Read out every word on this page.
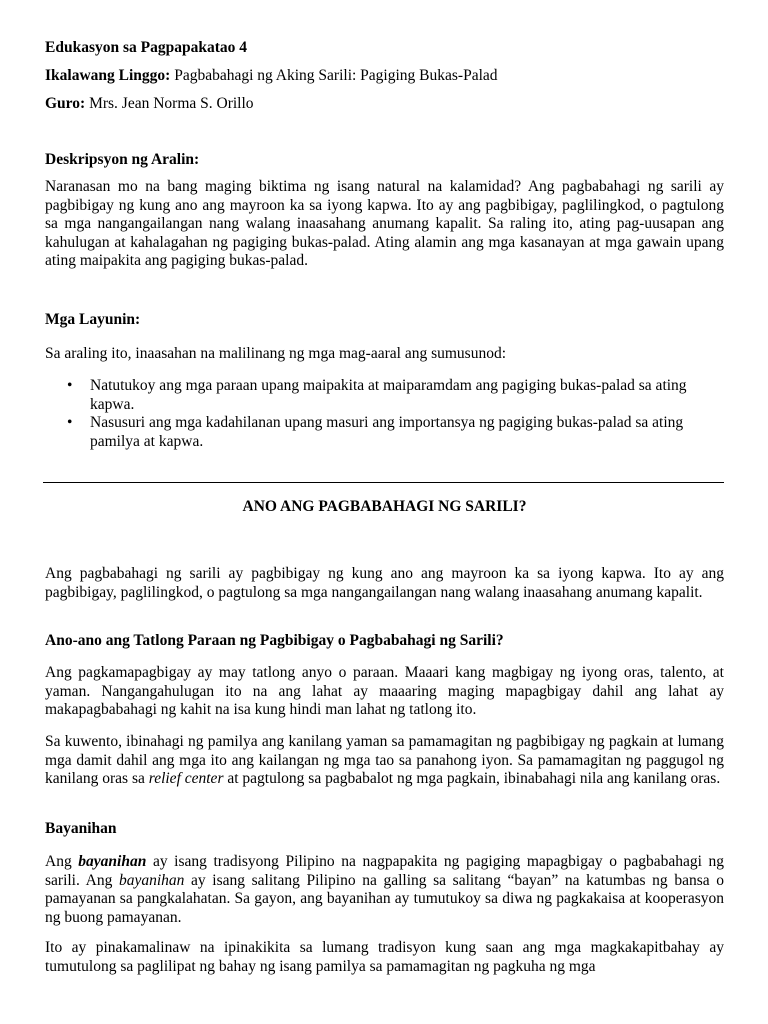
Edukasyon sa Pagpapakatao 4
Ikalawang Linggo: Pagbabahagi ng Aking Sarili: Pagiging Bukas-Palad
Guro: Mrs. Jean Norma S. Orillo
Deskripsyon ng Aralin:
Naranasan mo na bang maging biktima ng isang natural na kalamidad? Ang pagbabahagi ng sarili ay pagbibigay ng kung ano ang mayroon ka sa iyong kapwa. Ito ay ang pagbibigay, paglilingkod, o pagtulong sa mga nangangailangan nang walang inaasahang anumang kapalit. Sa raling ito, ating pag-uusapan ang kahulugan at kahalagahan ng pagiging bukas-palad. Ating alamin ang mga kasanayan at mga gawain upang ating maipakita ang pagiging bukas-palad.
Mga Layunin:
Sa araling ito, inaasahan na malilinang ng mga mag-aaral ang sumusunod:
• Natutukoy ang mga paraan upang maipakita at maiparamdam ang pagiging bukas-palad sa ating kapwa.
• Nasusuri ang mga kadahilanan upang masuri ang importansya ng pagiging bukas-palad sa ating pamilya at kapwa.
ANO ANG PAGBABAHAGI NG SARILI?
Ang pagbabahagi ng sarili ay pagbibigay ng kung ano ang mayroon ka sa iyong kapwa. Ito ay ang pagbibigay, paglilingkod, o pagtulong sa mga nangangailangan nang walang inaasahang anumang kapalit.
Ano-ano ang Tatlong Paraan ng Pagbibigay o Pagbabahagi ng Sarili?
Ang pagkamapagbigay ay may tatlong anyo o paraan. Maaari kang magbigay ng iyong oras, talento, at yaman. Nangangahulugan ito na ang lahat ay maaaring maging mapagbigay dahil ang lahat ay makapagbabahagi ng kahit na isa kung hindi man lahat ng tatlong ito.
Sa kuwento, ibinahagi ng pamilya ang kanilang yaman sa pamamagitan ng pagbibigay ng pagkain at lumang mga damit dahil ang mga ito ang kailangan ng mga tao sa panahong iyon. Sa pamamagitan ng paggugol ng kanilang oras sa relief center at pagtulong sa pagbabalot ng mga pagkain, ibinabahagi nila ang kanilang oras.
Bayanihan
Ang bayanihan ay isang tradisyong Pilipino na nagpapakita ng pagiging mapagbigay o pagbabahagi ng sarili. Ang bayanihan ay isang salitang Pilipino na galling sa salitang “bayan” na katumbas ng bansa o pamayanan sa pangkalahatan. Sa gayon, ang bayanihan ay tumutukoy sa diwa ng pagkakaisa at kooperasyon ng buong pamayanan.
Ito ay pinakamalinaw na ipinakikita sa lumang tradisyon kung saan ang mga magkakapitbahay ay tumutulong sa paglilipat ng bahay ng isang pamilya sa pamamagitan ng pagkuha ng mga
